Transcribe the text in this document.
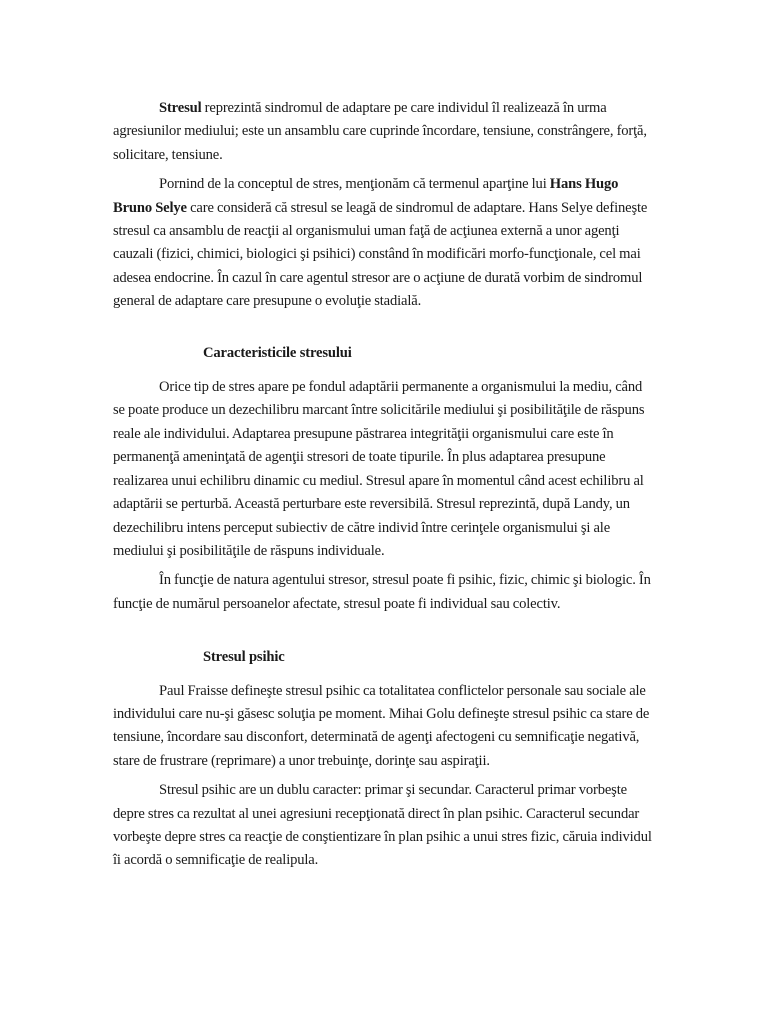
Stresul reprezintă sindromul de adaptare pe care individul îl realizează în urma agresiunilor mediului; este un ansamblu care cuprinde încordare, tensiune, constrângere, forţă, solicitare, tensiune.

Pornind de la conceptul de stres, menţionăm că termenul aparţine lui Hans Hugo Bruno Selye care consideră că stresul se leagă de sindromul de adaptare. Hans Selye defineşte stresul ca ansamblu de reacţii al organismului uman faţă de acţiunea externă a unor agenţi cauzali (fizici, chimici, biologici şi psihici) constând în modificări morfo-funcţionale, cel mai adesea endocrine. În cazul în care agentul stresor are o acţiune de durată vorbim de sindromul general de adaptare care presupune o evoluţie stadială.

Caracteristicile stresului

Orice tip de stres apare pe fondul adaptării permanente a organismului la mediu, când se poate produce un dezechilibru marcant între solicitările mediului şi posibilităţile de răspuns reale ale individului. Adaptarea presupune păstrarea integrităţii organismului care este în permanenţă ameninţată de agenţii stresori de toate tipurile. În plus adaptarea presupune realizarea unui echilibru dinamic cu mediul. Stresul apare în momentul când acest echilibru al adaptării se perturbă. Această perturbare este reversibilă. Stresul reprezintă, după Landy, un dezechilibru intens perceput subiectiv de către individ între cerinţele organismului şi ale mediului şi posibilităţile de răspuns individuale.

În funcţie de natura agentului stresor, stresul poate fi psihic, fizic, chimic şi biologic. În funcţie de numărul persoanelor afectate, stresul poate fi individual sau colectiv.

Stresul psihic

Paul Fraisse defineşte stresul psihic ca totalitatea conflictelor personale sau sociale ale individului care nu-şi găsesc soluţia pe moment. Mihai Golu defineşte stresul psihic ca stare de tensiune, încordare sau disconfort, determinată de agenţi afectogeni cu semnificaţie negativă, stare de frustrare (reprimare) a unor trebuinţe, dorinţe sau aspiraţii.

Stresul psihic are un dublu caracter: primar şi secundar. Caracterul primar vorbeşte depre stres ca rezultat al unei agresiuni recepţionată direct în plan psihic. Caracterul secundar vorbeşte depre stres ca reacţie de conştientizare în plan psihic a unui stres fizic, căruia individul îi acordă o semnificaţie de realipula.
